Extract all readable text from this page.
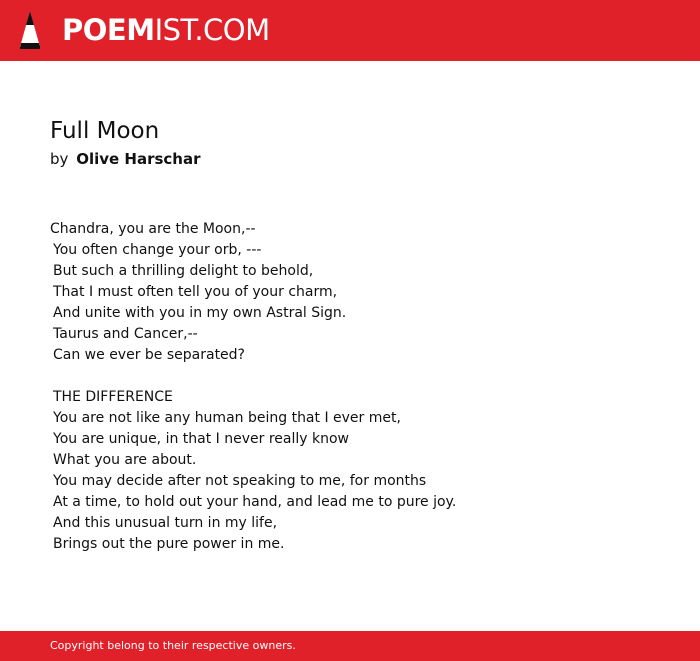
POEMIST.COM
Full Moon
by Olive Harschar
Chandra, you are the Moon,--
You often change your orb, ---
But such a thrilling delight to behold,
That I must often tell you of your charm,
And unite with you in my own Astral Sign.
Taurus and Cancer,--
Can we ever be separated?
THE DIFFERENCE
You are not like any human being that I ever met,
You are unique, in that I never really know
What you are about.
You may decide after not speaking to me, for months
At a time, to hold out your hand, and lead me to pure joy.
And this unusual turn in my life,
Brings out the pure power in me.
Copyright belong to their respective owners.
